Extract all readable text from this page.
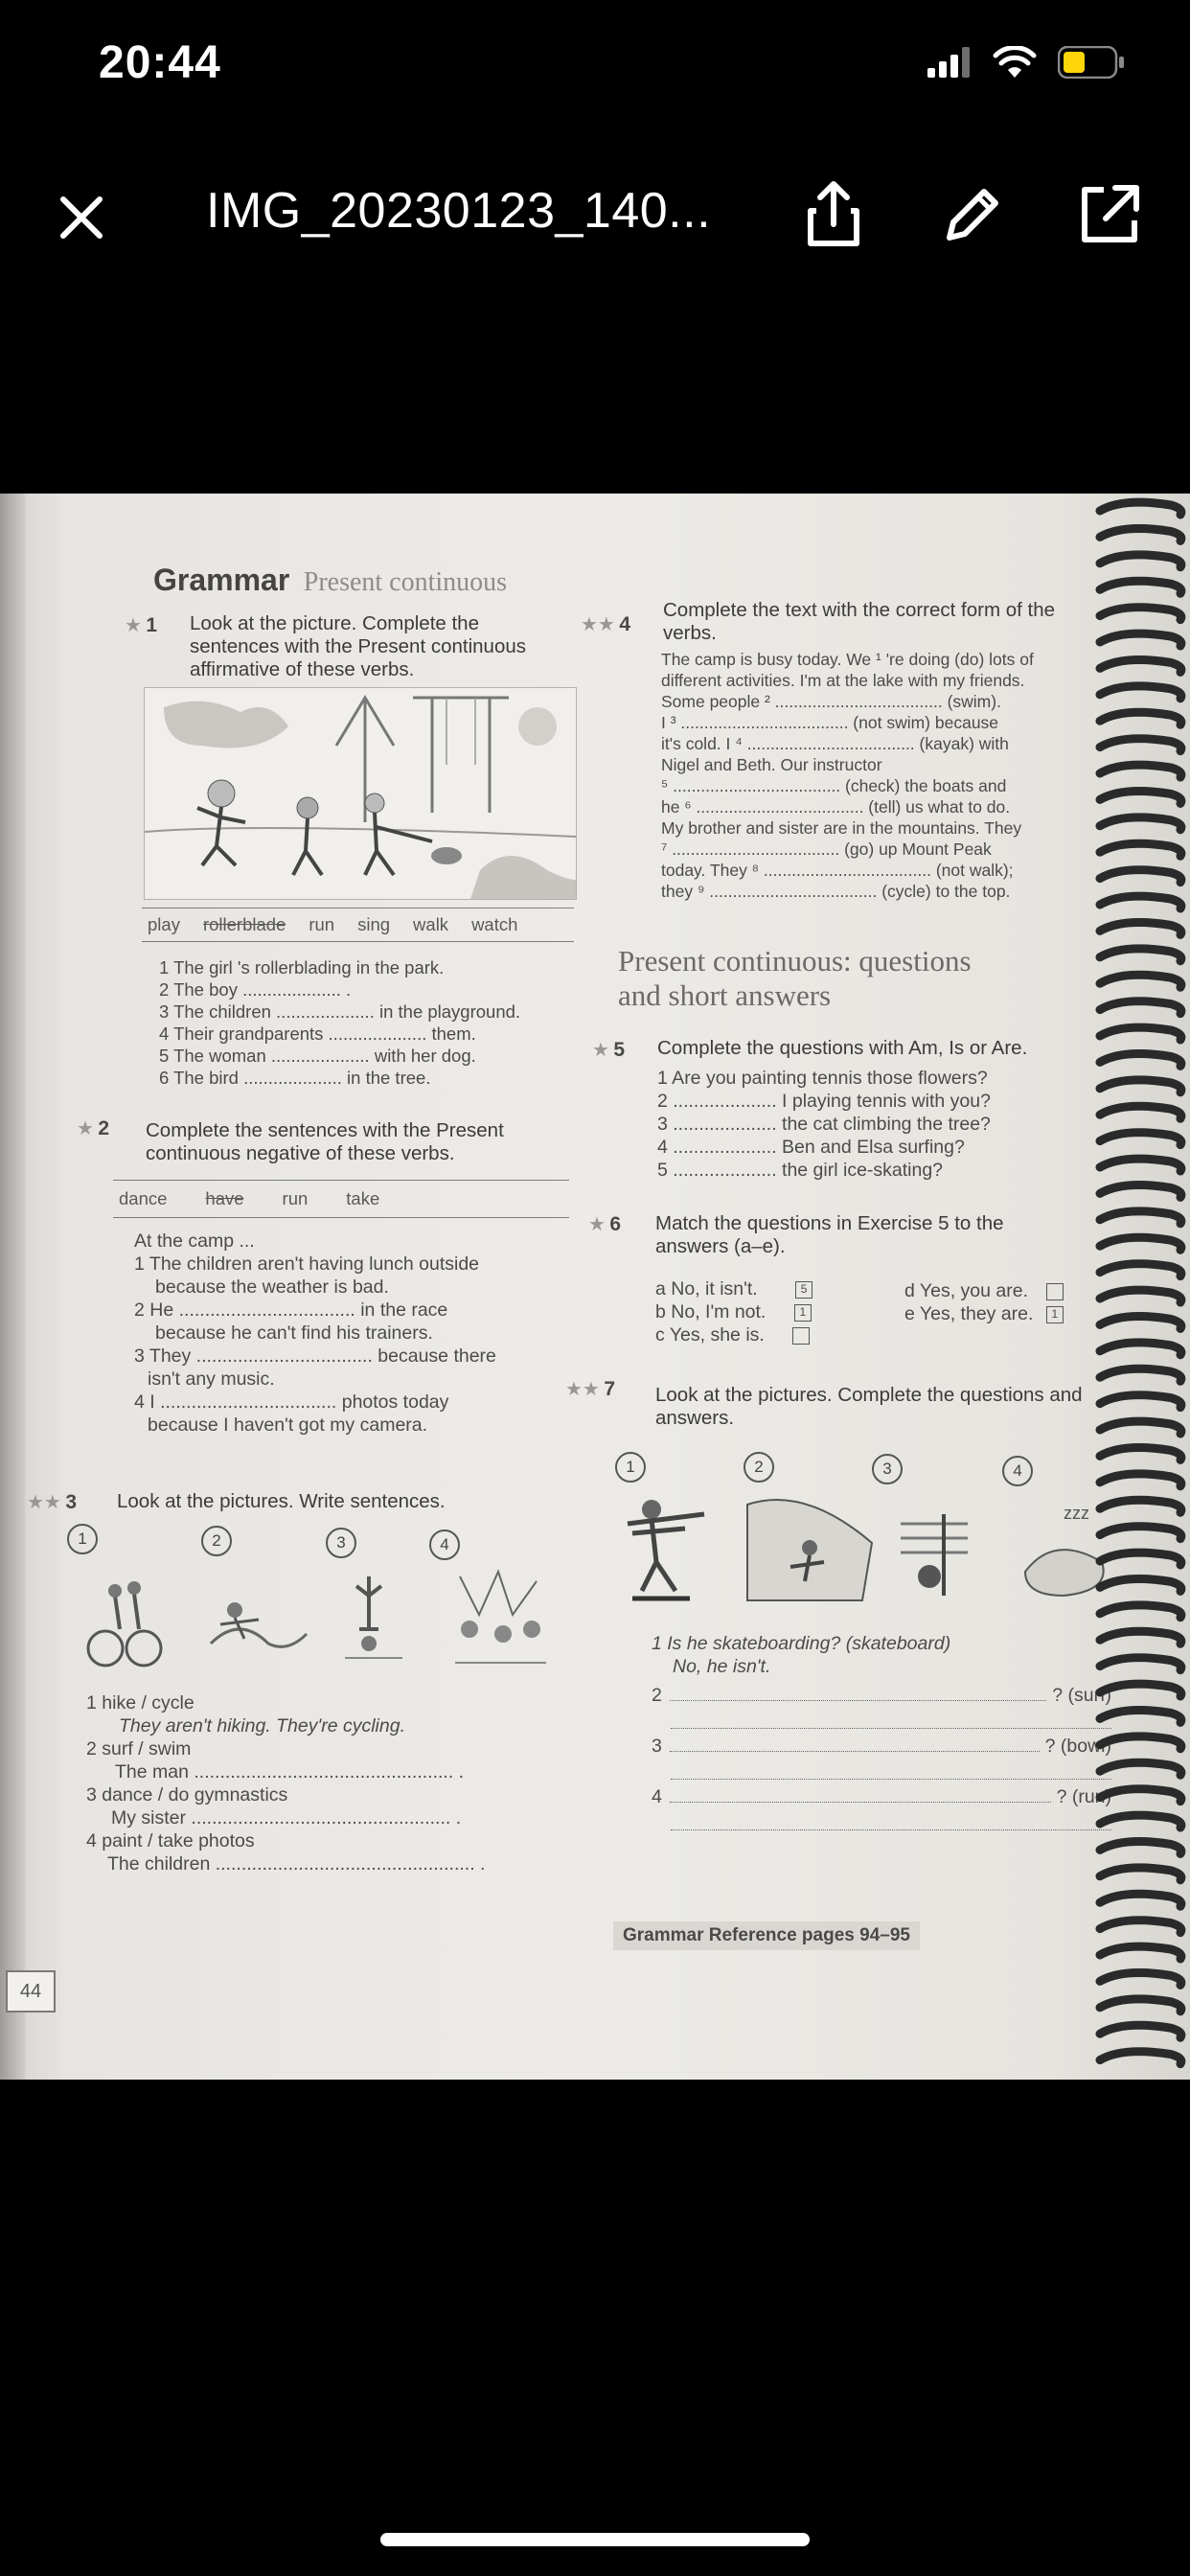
20:44
IMG_20230123_140...
Grammar Present continuous
★ 1 Look at the picture. Complete the sentences with the Present continuous affirmative of these verbs.
play rollerblade run sing walk watch
1 The girl 's rollerblading in the park.
2 The boy .................... .
3 The children .................... in the playground.
4 Their grandparents .................... them.
5 The woman .................... with her dog.
6 The bird .................... in the tree.
★ 2 Complete the sentences with the Present continuous negative of these verbs.
dance have run take
At the camp ...
1 The children aren't having lunch outside
because the weather is bad.
2 He .................................. in the race
because he can't find his trainers.
3 They .................................. because there
isn't any music.
4 I .................................. photos today
because I haven't got my camera.
★★ 3 Look at the pictures. Write sentences.
1	2	3	4
1 hike / cycle
They aren't hiking. They're cycling.
2 surf / swim
The man .................................................. .
3 dance / do gymnastics
My sister .................................................. .
4 paint / take photos
The children .................................................. .
44
★★ 4
Complete the text with the correct form of the verbs.
The camp is busy today. We ¹ 're doing (do) lots of
different activities. I'm at the lake with my friends.
Some people ² .................................... (swim).
I ³ .................................... (not swim) because
it's cold. I ⁴ .................................... (kayak) with
Nigel and Beth. Our instructor
⁵ .................................... (check) the boats and
he ⁶ .................................... (tell) us what to do.
My brother and sister are in the mountains. They
⁷ .................................... (go) up Mount Peak
today. They ⁸ .................................... (not walk);
they ⁹ .................................... (cycle) to the top.
Present continuous: questions
and short answers
★ 5 Complete the questions with Am, Is or Are.
1 Are you painting tennis those flowers?
2 .................... I playing tennis with you?
3 .................... the cat climbing the tree?
4 .................... Ben and Elsa surfing?
5 .................... the girl ice-skating?
★ 6 Match the questions in Exercise 5 to the answers (a–e).
a No, it isn't.	5
b No, I'm not.	1
c Yes, she is.
d Yes, you are.
e Yes, they are. 1
★★ 7 Look at the pictures. Complete the questions and answers.
1	2	3	4
zzz
1 Is he skateboarding? (skateboard)
No, he isn't.
2	? (surf)
3	? (bowl)
4	? (run)
Grammar Reference pages 94–95
